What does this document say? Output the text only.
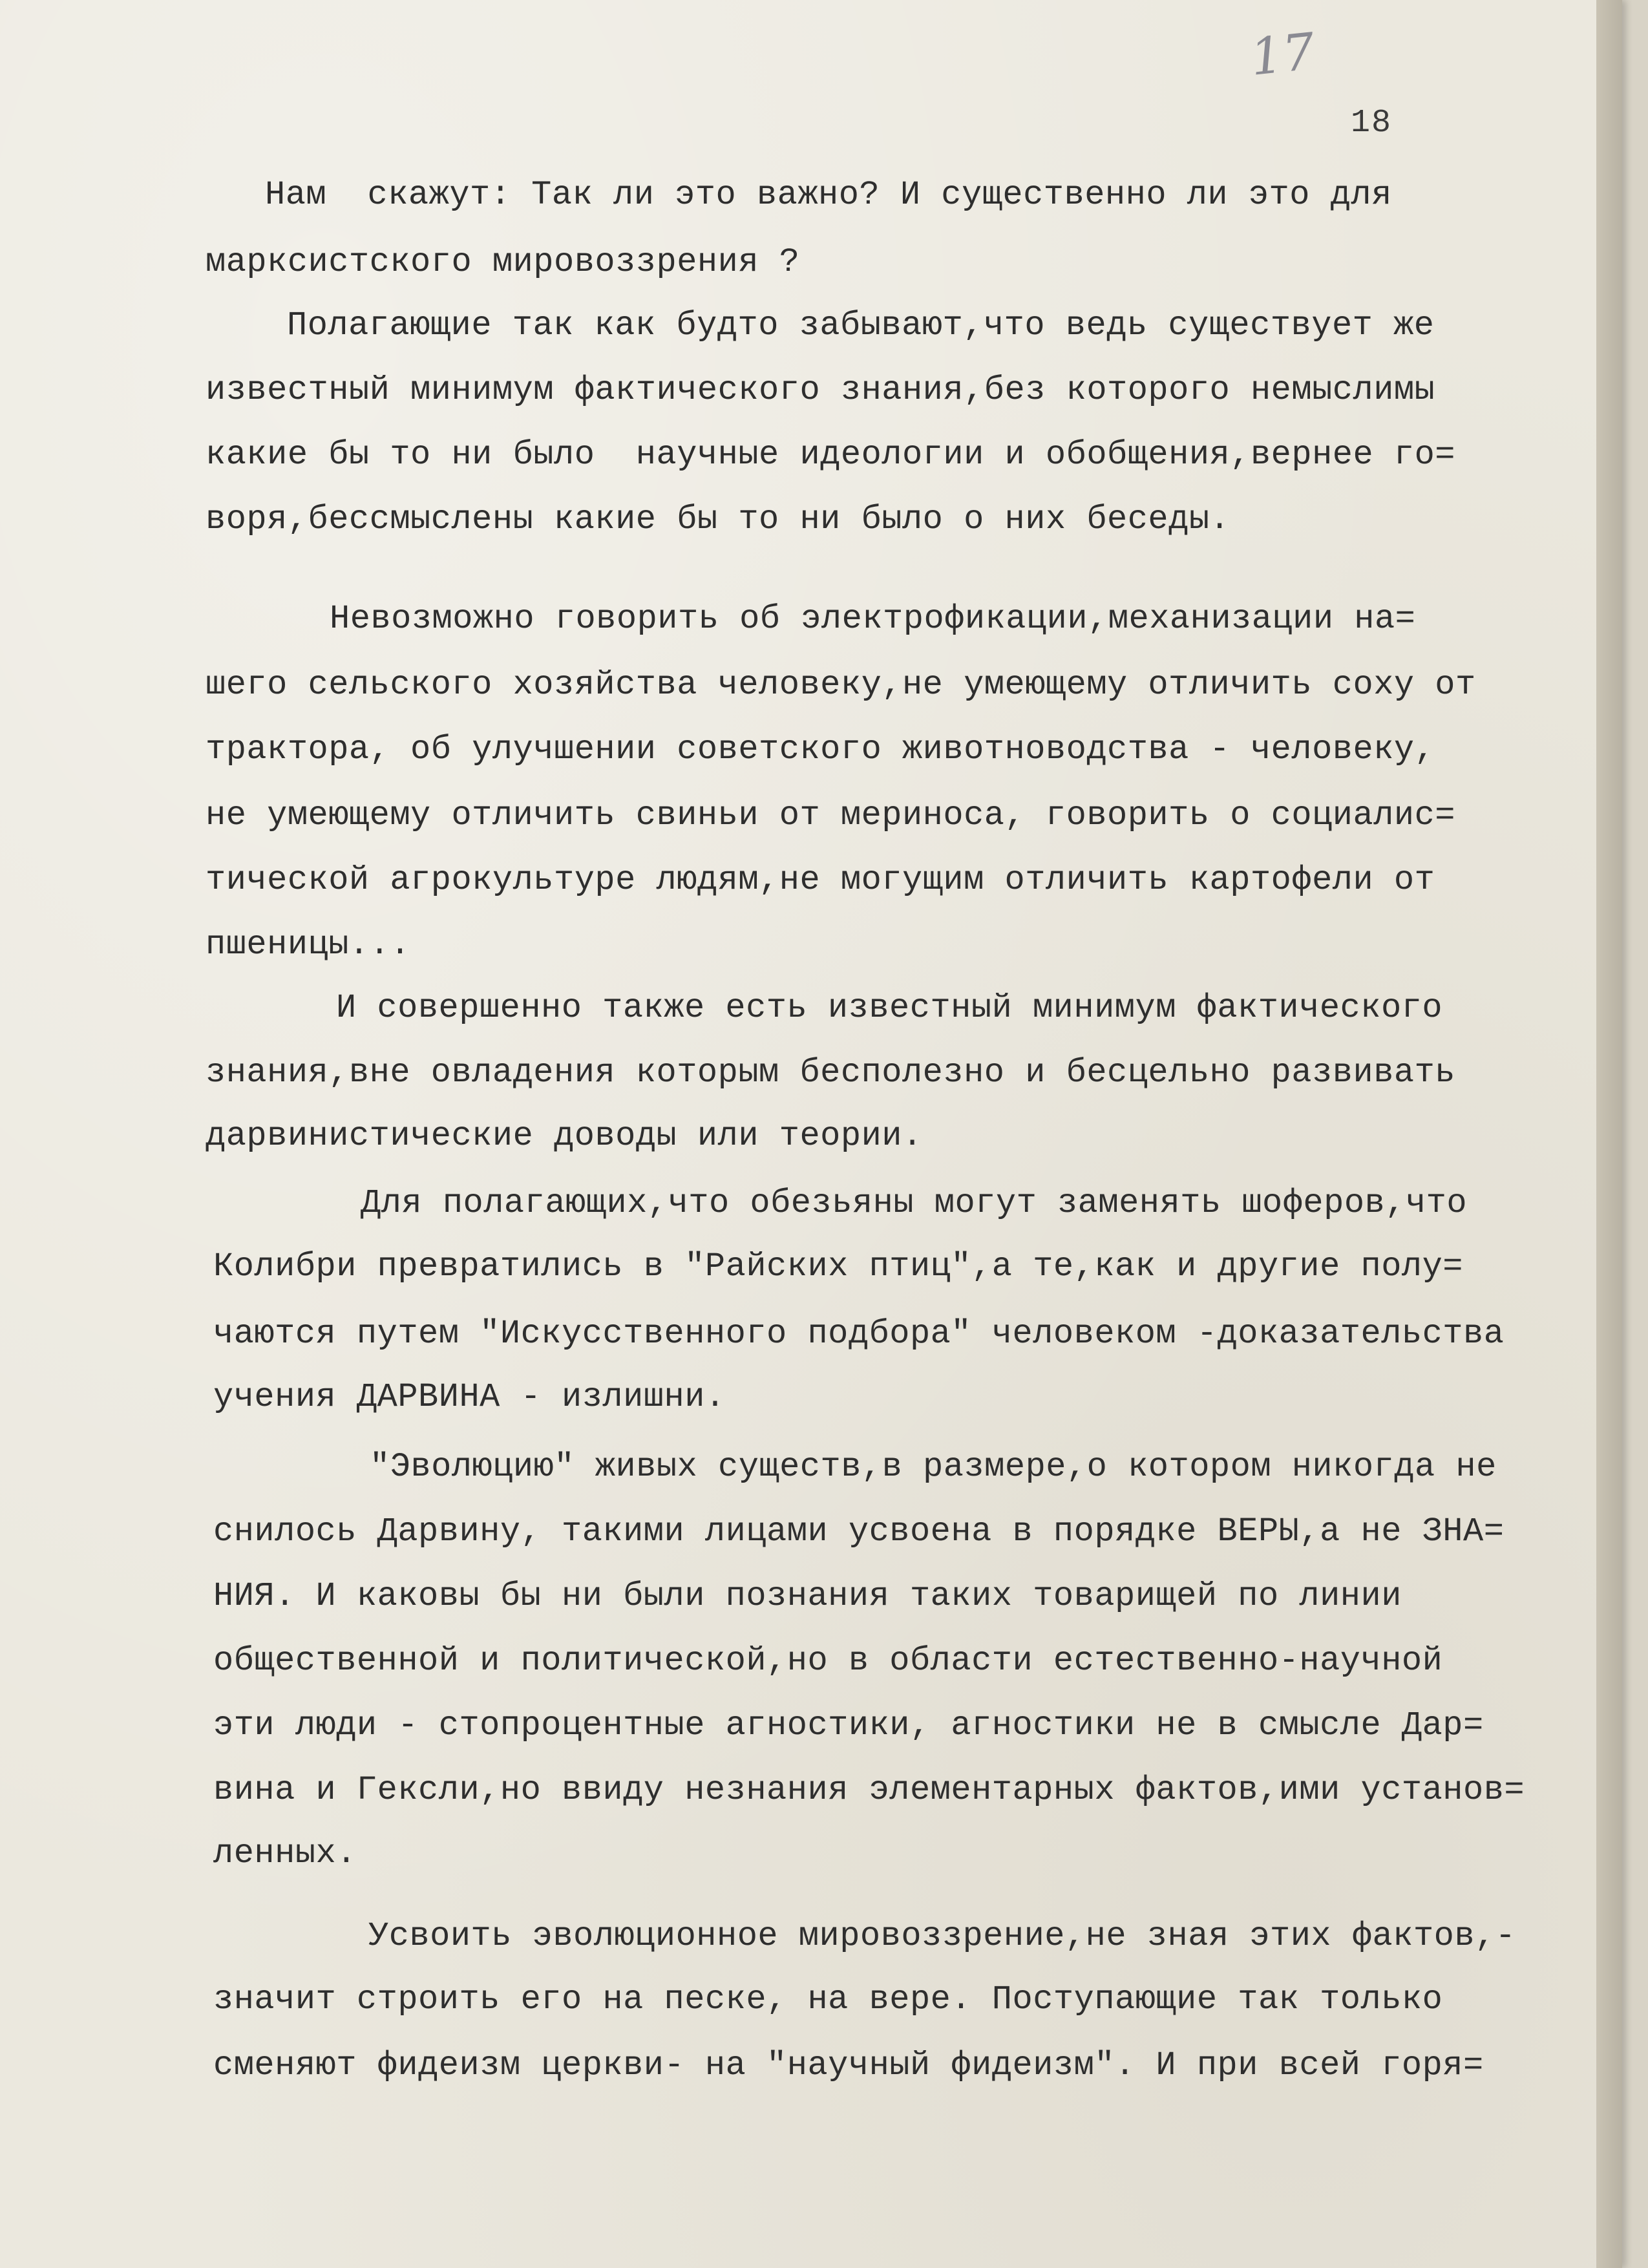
17
18
Нам  скажут: Так ли это важно? И существенно ли это для
марксистского мировоззрения ?
Полагающие так как будто забывают,что ведь существует же
известный минимум фактического знания,без которого немыслимы
какие бы то ни было  научные идеологии и обобщения,вернее го=
воря,бессмыслены какие бы то ни было о них беседы.
Невозможно говорить об электрофикации,механизации на=
шего сельского хозяйства человеку,не умеющему отличить соху от
трактора, об улучшении советского животноводства - человеку,
не умеющему отличить свиньи от мериноса, говорить о социалис=
тической агрокультуре людям,не могущим отличить картофели от
пшеницы...
И совершенно также есть известный минимум фактического
знания,вне овладения которым бесполезно и бесцельно развивать
дарвинистические доводы или теории.
Для полагающих,что обезьяны могут заменять шоферов,что
Колибри превратились в "Райских птиц",а те,как и другие полу=
чаются путем "Искусственного подбора" человеком -доказательства
учения ДАРВИНА - излишни.
"Эволюцию" живых существ,в размере,о котором никогда не
снилось Дарвину, такими лицами усвоена в порядке ВЕРЫ,а не ЗНА=
НИЯ. И каковы бы ни были познания таких товарищей по линии
общественной и политической,но в области естественно-научной
эти люди - стопроцентные агностики, агностики не в смысле Дар=
вина и Гексли,но ввиду незнания элементарных фактов,ими установ=
ленных.
Усвоить эволюционное мировоззрение,не зная этих фактов,-
значит строить его на песке, на вере. Поступающие так только
сменяют фидеизм церкви- на "научный фидеизм". И при всей горя=
